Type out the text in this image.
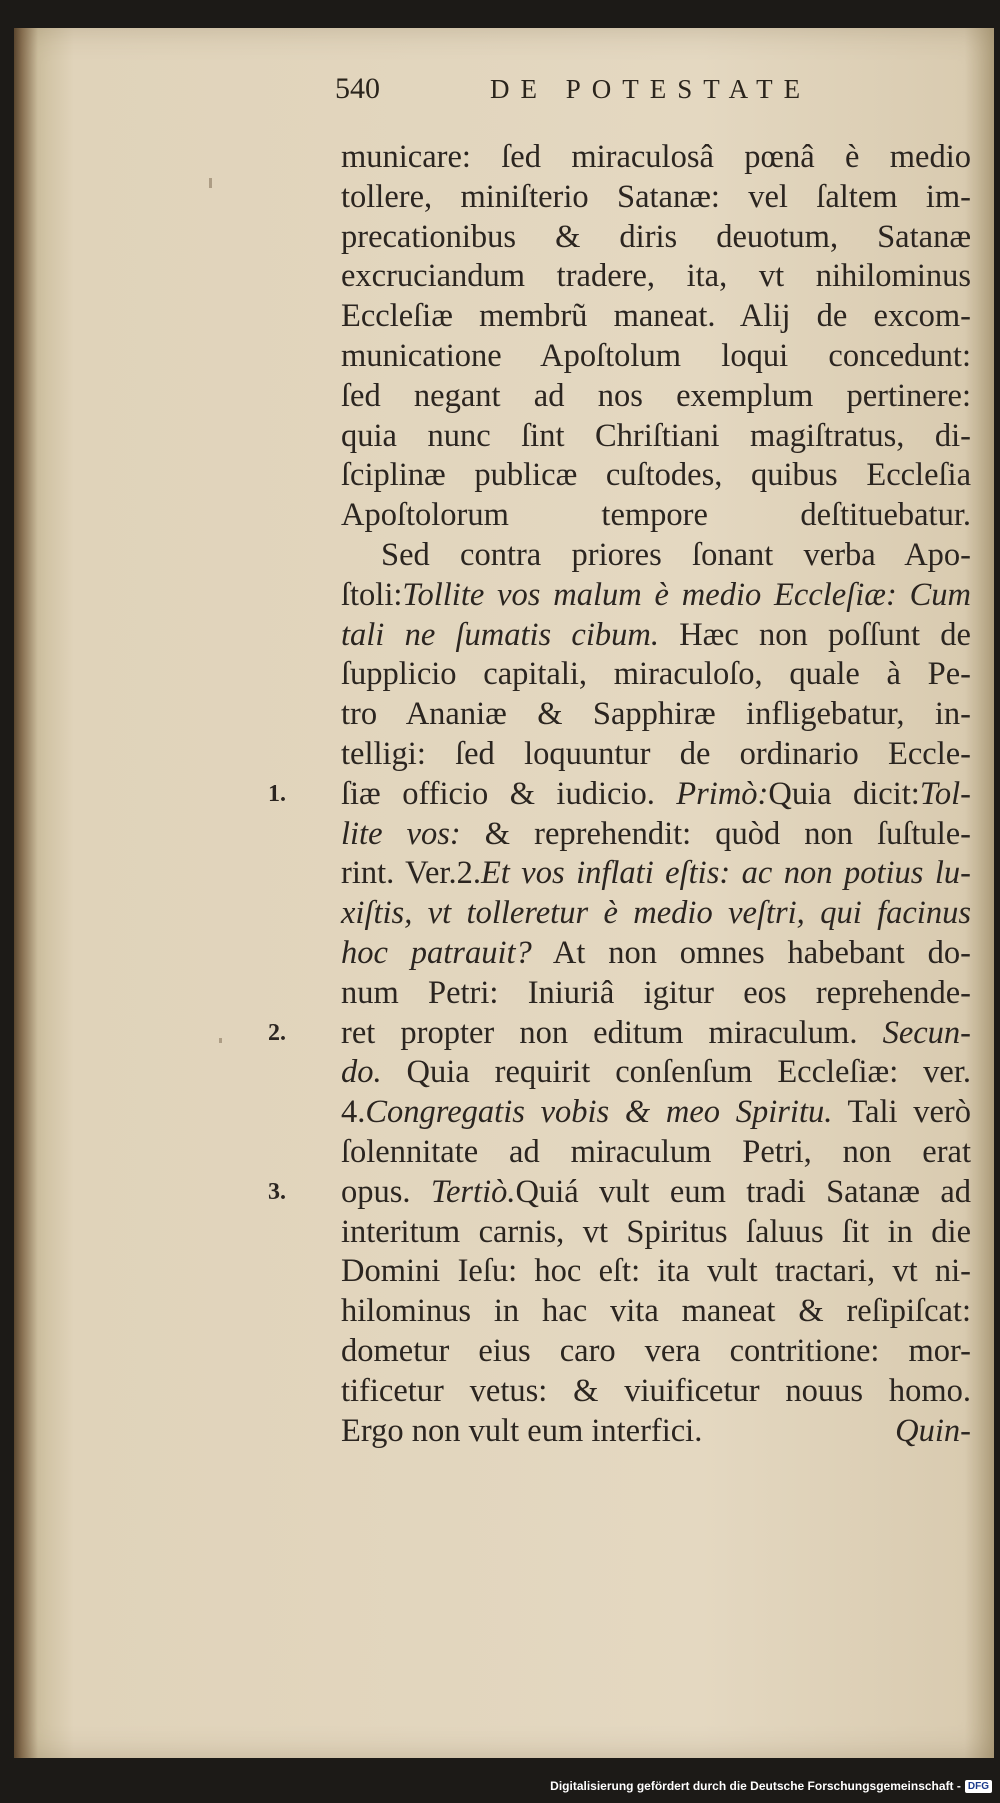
540	DE POTESTATE
municare: ſed miraculosâ pœnâ è medio
tollere, miniſterio Satanæ: vel ſaltem im-
precationibus & diris deuotum, Satanæ
excruciandum tradere, ita, vt nihilominus
Eccleſiæ membrũ maneat. Alij de excom-
municatione Apoſtolum loqui concedunt:
ſed negant ad nos exemplum pertinere:
quia nunc ſint Chriſtiani magiſtratus, di-
ſciplinæ publicæ cuſtodes, quibus Eccleſia
Apoſtolorum tempore deſtituebatur.
Sed contra priores ſonant verba Apo-
ſtoli:Tollite vos malum è medio Eccleſiæ: Cum
tali ne ſumatis cibum. Hæc non poſſunt de
ſupplicio capitali, miraculoſo, quale à Pe-
tro Ananiæ & Sapphiræ infligebatur, in-
telligi: ſed loquuntur de ordinario Eccle-
ſiæ officio & iudicio. Primò:Quia dicit:Tol-
lite vos: & reprehendit: quòd non ſuſtule-
rint. Ver.2.Et vos inflati eſtis: ac non potius lu-
xiſtis, vt tolleretur è medio veſtri, qui facinus
hoc patrauit? At non omnes habebant do-
num Petri: Iniuriâ igitur eos reprehende-
ret propter non editum miraculum. Secun-
do. Quia requirit conſenſum Eccleſiæ: ver.
4.Congregatis vobis & meo Spiritu. Tali verò
ſolennitate ad miraculum Petri, non erat
opus. Tertiò.Quiá vult eum tradi Satanæ ad
interitum carnis, vt Spiritus ſaluus ſit in die
Domini Ieſu: hoc eſt: ita vult tractari, vt ni-
hilominus in hac vita maneat & reſipiſcat:
dometur eius caro vera contritione: mor-
tificetur vetus: & viuificetur nouus homo.
Ergo non vult eum interfici.	Quin-
1.
2.
3.
Digitalisierung gefördert durch die Deutsche Forschungsgemeinschaft - DFG
